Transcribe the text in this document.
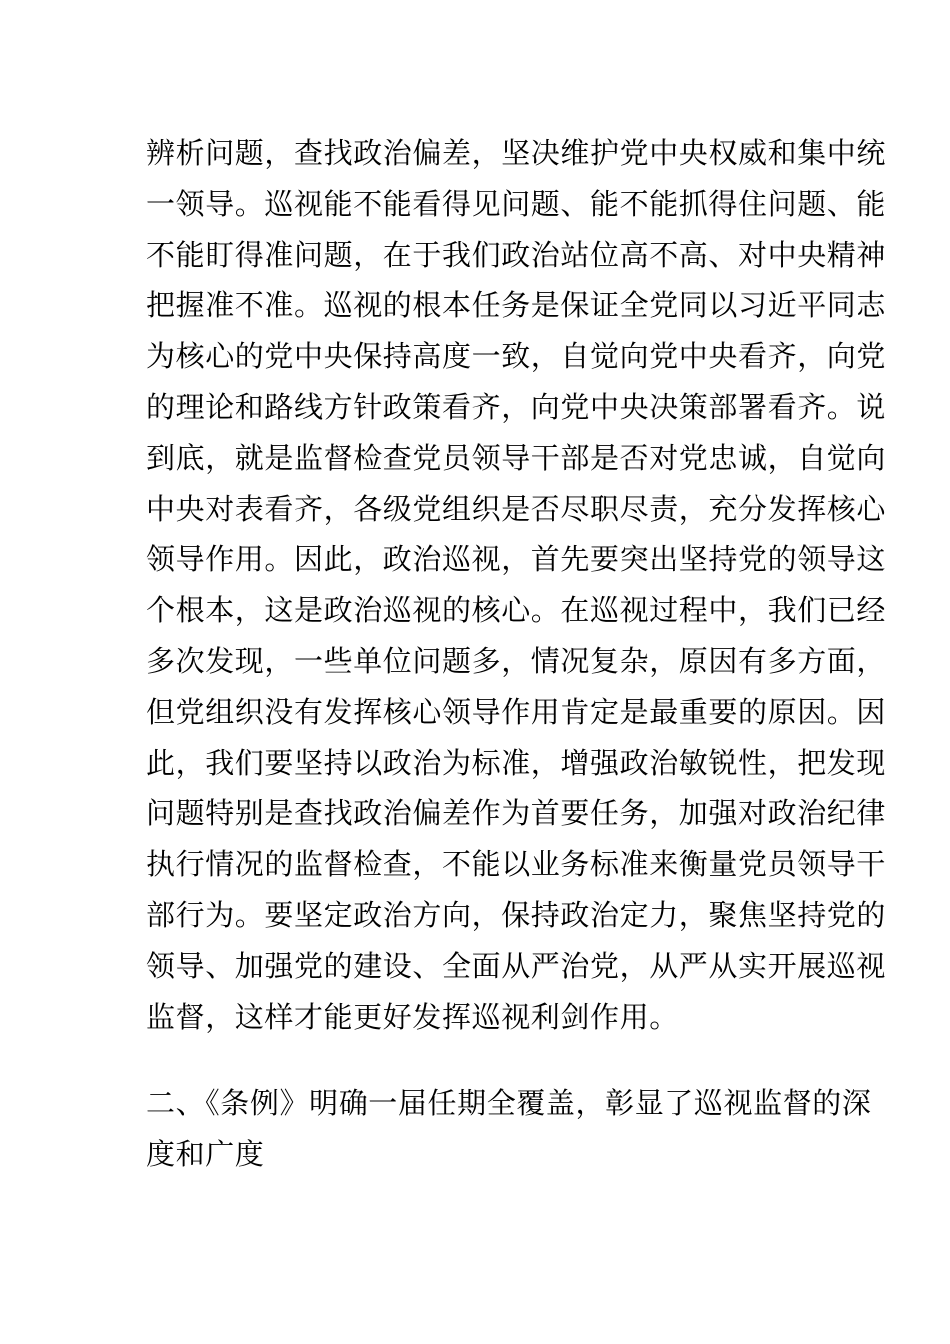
辨析问题，查找政治偏差，坚决维护党中央权威和集中统
一领导。巡视能不能看得见问题、能不能抓得住问题、能
不能盯得准问题，在于我们政治站位高不高、对中央精神
把握准不准。巡视的根本任务是保证全党同以习近平同志
为核心的党中央保持高度一致，自觉向党中央看齐，向党
的理论和路线方针政策看齐，向党中央决策部署看齐。说
到底，就是监督检查党员领导干部是否对党忠诚，自觉向
中央对表看齐，各级党组织是否尽职尽责，充分发挥核心
领导作用。因此，政治巡视，首先要突出坚持党的领导这
个根本，这是政治巡视的核心。在巡视过程中，我们已经
多次发现，一些单位问题多，情况复杂，原因有多方面，
但党组织没有发挥核心领导作用肯定是最重要的原因。因
此，我们要坚持以政治为标准，增强政治敏锐性，把发现
问题特别是查找政治偏差作为首要任务，加强对政治纪律
执行情况的监督检查，不能以业务标准来衡量党员领导干
部行为。要坚定政治方向，保持政治定力，聚焦坚持党的
领导、加强党的建设、全面从严治党，从严从实开展巡视
监督，这样才能更好发挥巡视利剑作用。
二、《条例》明确一届任期全覆盖，彰显了巡视监督的深
度和广度
